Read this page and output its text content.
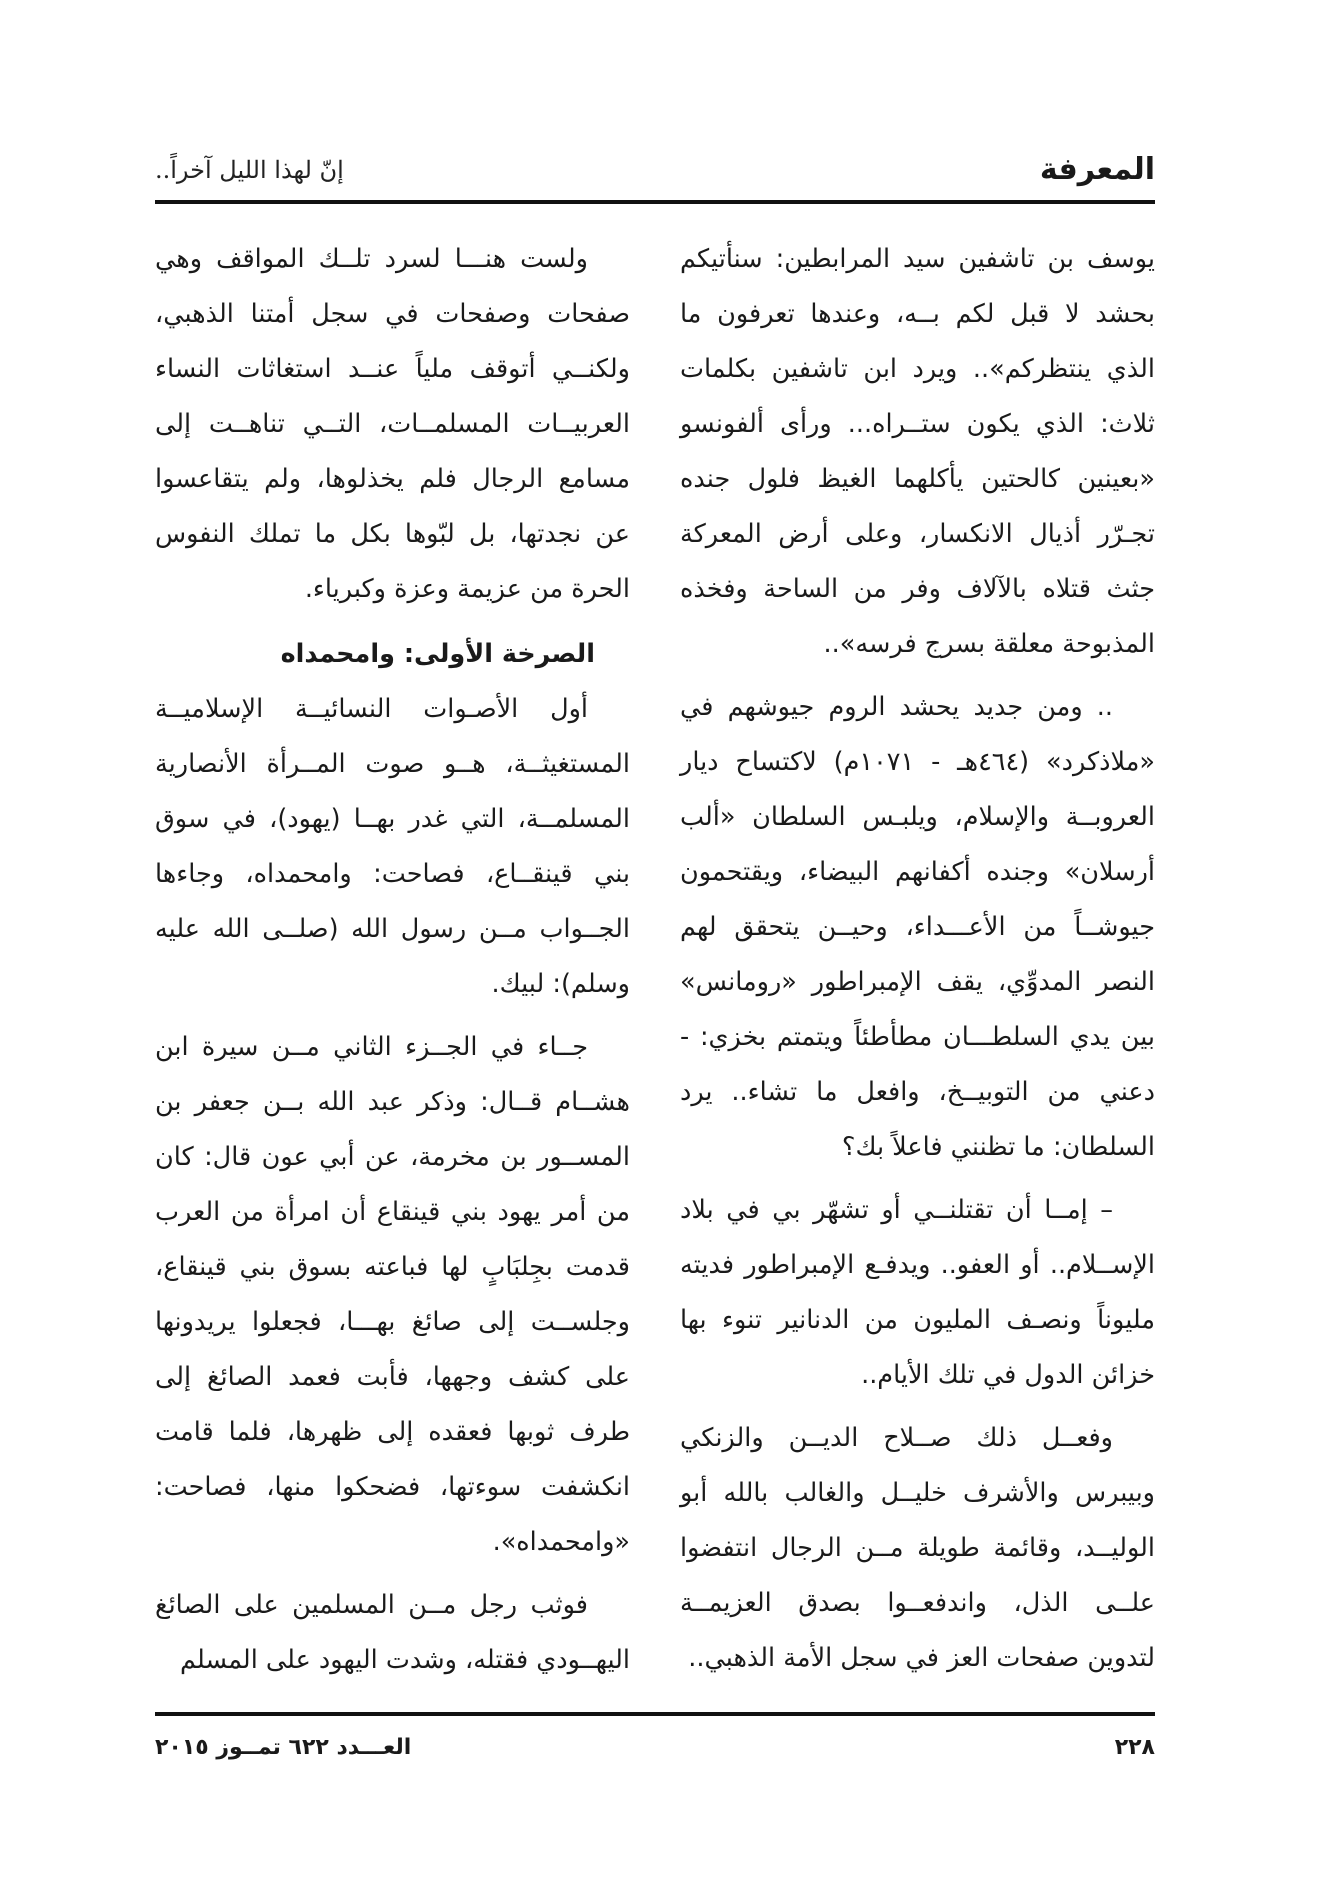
المعرفة
إنّ لهذا الليل آخراً..

يوسف بن تاشفين سيد المرابطين: سنأتيكم بحشد لا قبل لكم بــه، وعندها تعرفون ما الذي ينتظركم».. ويرد ابن تاشفين بكلمات ثلاث: الذي يكون ستــراه... ورأى ألفونسو «بعينين كالحتين يأكلهما الغيظ فلول جنده تجـرّر أذيال الانكسار، وعلى أرض المعركة جثث قتلاه بالآلاف وفر من الساحة وفخذه المذبوحة معلقة بسرج فرسه»..

.. ومن جديد يحشد الروم جيوشهم في «ملاذكرد» (٤٦٤هـ - ١٠٧١م) لاكتساح ديار العروبــة والإسلام، ويلبـس السلطان «ألب أرسلان» وجنده أكفانهم البيضاء، ويقتحمون جيوشــاً من الأعـــداء، وحيــن يتحقق لهم النصر المدوِّي، يقف الإمبراطور «رومانس» بين يدي السلطـــان مطأطئاً ويتمتم بخزي: - دعني من التوبيــخ، وافعل ما تشاء.. يرد السلطان: ما تظنني فاعلاً بك؟

– إمــا أن تقتلنــي أو تشهّر بي في بلاد الإســلام.. أو العفو.. ويدفـع الإمبراطور فديته مليوناً ونصـف المليون من الدنانير تنوء بها خزائن الدول في تلك الأيام..

وفعــل ذلك صــلاح الديــن والزنكي وبيبرس والأشرف خليــل والغالب بالله أبو الوليــد، وقائمة طويلة مــن الرجال انتفضوا علــى الذل، واندفعــوا بصدق العزيمــة لتدوين صفحات العز في سجل الأمة الذهبي..

ولست هنـــا لسرد تلــك المواقف وهي صفحات وصفحات في سجل أمتنا الذهبي، ولكنــي أتوقف ملياً عنــد استغاثات النساء العربيــات المسلمــات، التــي تناهــت إلى مسامع الرجال فلم يخذلوها، ولم يتقاعسوا عن نجدتها، بل لبّوها بكل ما تملك النفوس الحرة من عزيمة وعزة وكبرياء.

الصرخة الأولى: وامحمداه

أول الأصـوات النسائيــة الإسلاميــة المستغيثــة، هــو صوت المــرأة الأنصارية المسلمــة، التي غدر بهــا (يهود)، في سوق بني قينقــاع، فصاحت: وامحمداه، وجاءها الجــواب مــن رسول الله (صلــى الله عليه وسلم): لبيك.

جــاء في الجــزء الثاني مــن سيرة ابن هشــام قــال: وذكر عبد الله بــن جعفر بن المســور بن مخرمة، عن أبي عون قال: كان من أمر يهود بني قينقاع أن امرأة من العرب قدمت بجِلبَابٍ لها فباعته بسوق بني قينقاع، وجلســت إلى صائغ بهـــا، فجعلوا يريدونها على كشف وجهها، فأبت فعمد الصائغ إلى طرف ثوبها فعقده إلى ظهرها، فلما قامت انكشفت سوءتها، فضحكوا منها، فصاحت: «وامحمداه».

فوثب رجل مــن المسلمين على الصائغ اليهــودي فقتله، وشدت اليهود على المسلم

٢٢٨
العـــدد ٦٢٢ تمــوز ٢٠١٥
